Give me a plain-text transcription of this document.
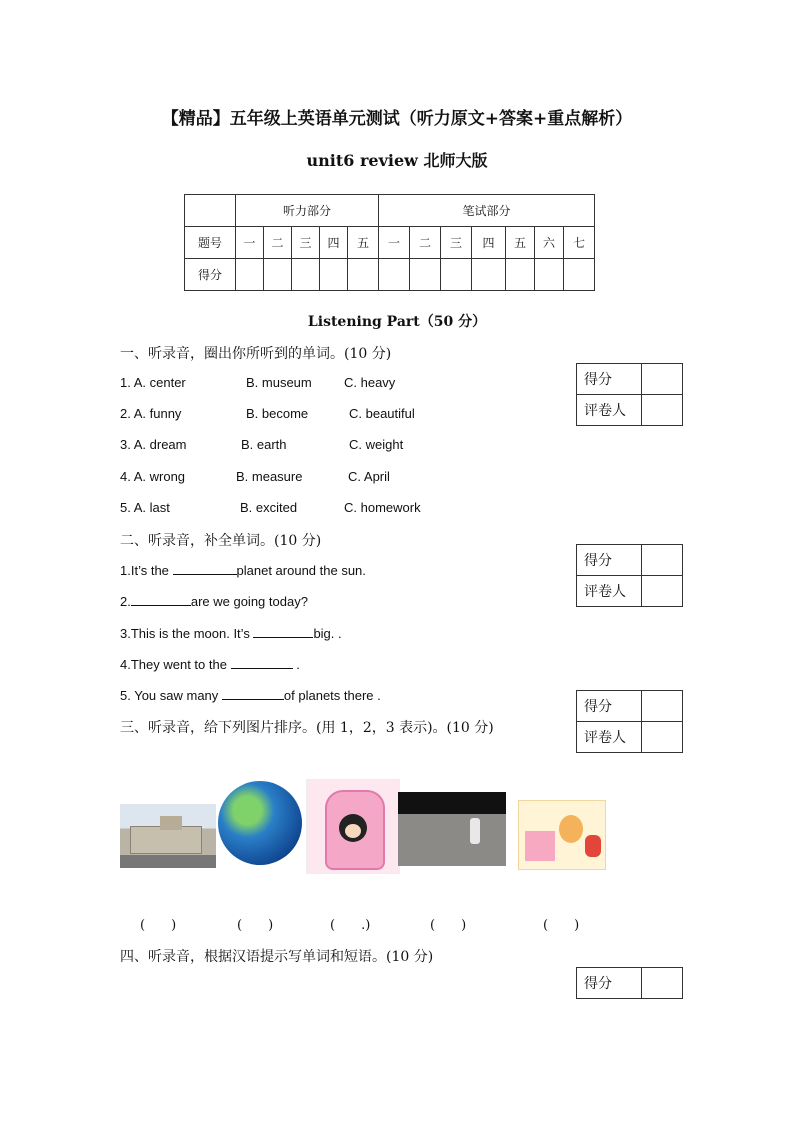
【精品】五年级上英语单元测试（听力原文+答案+重点解析）
unit6 review 北师大版
	听力部分					笔试部分						
题号	一	二	三	四	五	一	二	三	四	五	六	七
得分												
Listening Part（50 分）
一、听录音，圈出你所听到的单词。(10 分)
1. A. center	B. museum C. heavy
2. A. funny	B. become	C. beautiful
3. A. dream	B. earth	C. weight
4. A. wrong	B. measure	C. April
5. A. last	B. excited	C. homework
得分	
评卷人	
得分	
评卷人	
得分	
评卷人	
得分	
二、听录音，补全单词。(10 分)
1.It’s the	planet around the sun.
2.	are we going today?
3.This is the moon. It’s	big. .
4.They went to the	.
5. You saw many	of planets there .
三、听录音，给下列图片排序。(用 1，2，3 表示)。(10 分)
(　　)	(　　)	(　　.)	(　　)	(　　)
四、听录音，根据汉语提示写单词和短语。(10 分)
